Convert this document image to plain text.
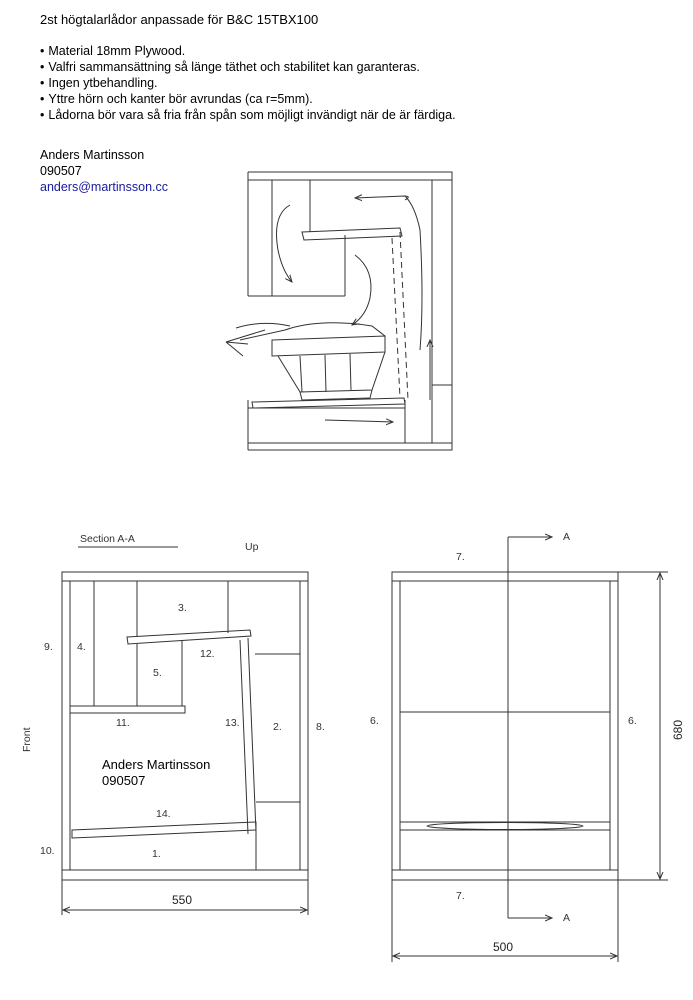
2st högtalarlådor anpassade för B&C 15TBX100
• Material 18mm Plywood.
• Valfri sammansättning så länge täthet och stabilitet kan garanteras.
• Ingen ytbehandling.
• Yttre hörn och kanter bör avrundas (ca r=5mm).
• Lådorna bör vara så fria från spån som möjligt invändigt när de är färdiga.
Anders Martinsson
090507
anders@martinsson.cc
Section A-A
Up
Front
3.
9. 4.
12.
5.
11.	13.	2.	8.
14.
10.	1.
Anders Martinsson
090507
550
A
A
7.
7.
6.	6.	680
500
